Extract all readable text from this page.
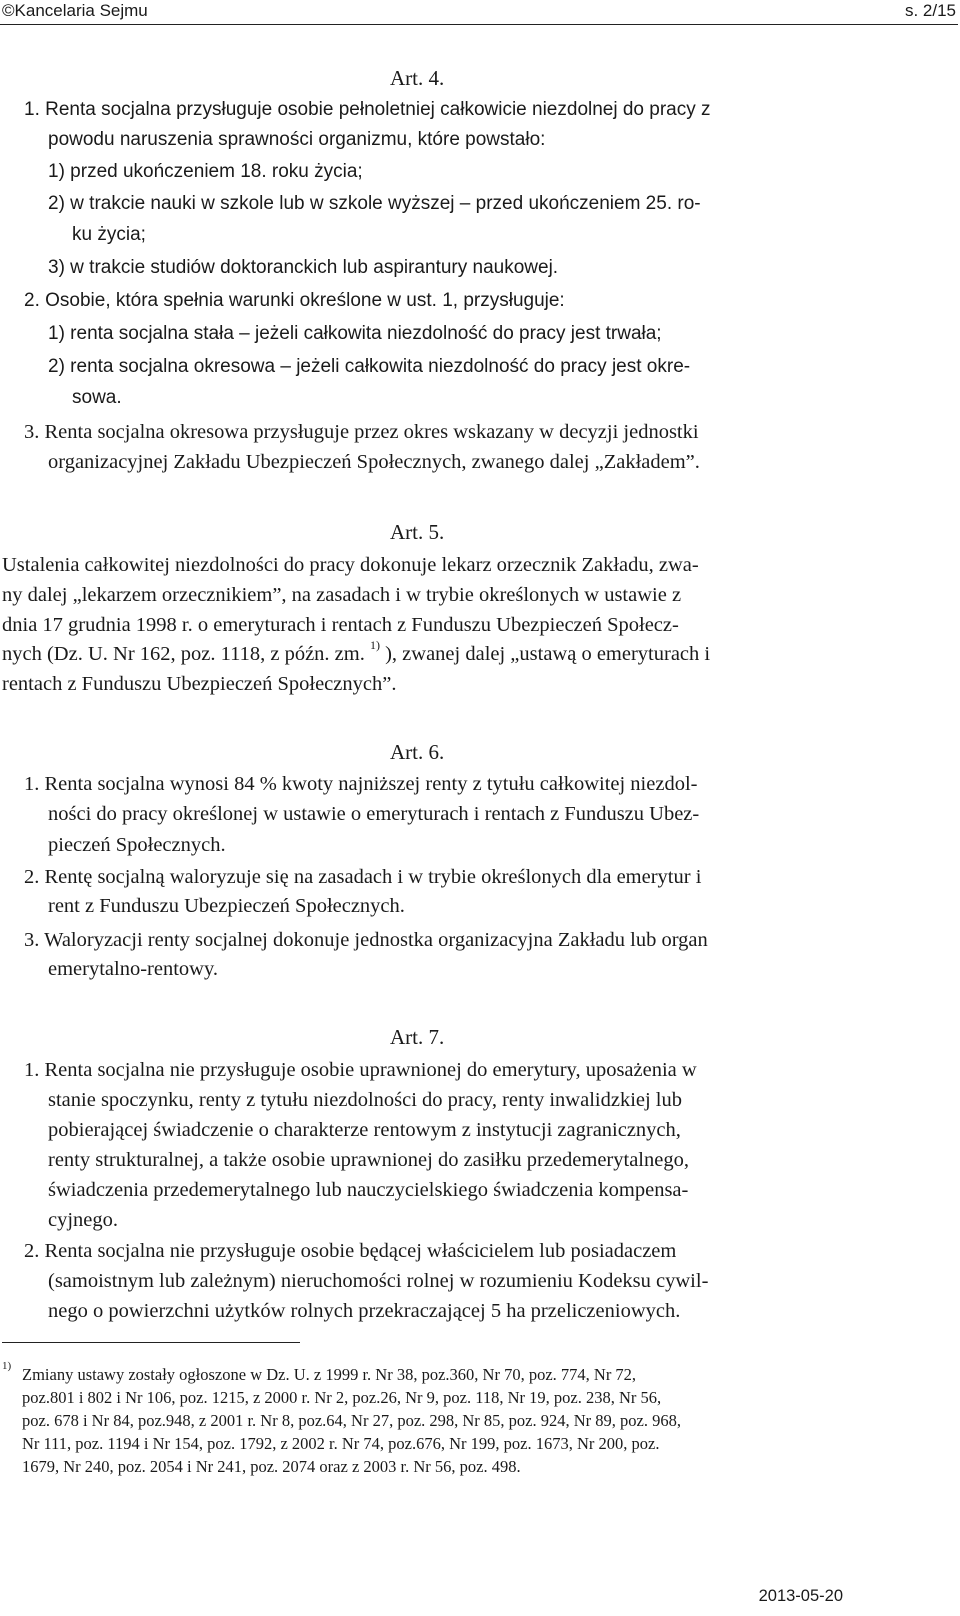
©Kancelaria Sejmu	s. 2/15
Art. 4.
1. Renta socjalna przysługuje osobie pełnoletniej całkowicie niezdolnej do pracy z
powodu naruszenia sprawności organizmu, które powstało:
1) przed ukończeniem 18. roku życia;
2) w trakcie nauki w szkole lub w szkole wyższej – przed ukończeniem 25. ro-
ku życia;
3) w trakcie studiów doktoranckich lub aspirantury naukowej.
2. Osobie, która spełnia warunki określone w ust. 1, przysługuje:
1) renta socjalna stała – jeżeli całkowita niezdolność do pracy jest trwała;
2) renta socjalna okresowa – jeżeli całkowita niezdolność do pracy jest okre-
sowa.
3. Renta socjalna okresowa przysługuje przez okres wskazany w decyzji jednostki
organizacyjnej Zakładu Ubezpieczeń Społecznych, zwanego dalej „Zakładem”.
Art. 5.
Ustalenia całkowitej niezdolności do pracy dokonuje lekarz orzecznik Zakładu, zwa-
ny dalej „lekarzem orzecznikiem”, na zasadach i w trybie określonych w ustawie z
dnia 17 grudnia 1998 r. o emeryturach i rentach z Funduszu Ubezpieczeń Społecz-
nych (Dz. U. Nr 162, poz. 1118, z późn. zm. $^{1)}$ ), zwanej dalej „ustawą o emeryturach i
rentach z Funduszu Ubezpieczeń Społecznych”.
Art. 6.
1. Renta socjalna wynosi 84 % kwoty najniższej renty z tytułu całkowitej niezdol-
ności do pracy określonej w ustawie o emeryturach i rentach z Funduszu Ubez-
pieczeń Społecznych.
2. Rentę socjalną waloryzuje się na zasadach i w trybie określonych dla emerytur i
rent z Funduszu Ubezpieczeń Społecznych.
3. Waloryzacji renty socjalnej dokonuje jednostka organizacyjna Zakładu lub organ
emerytalno-rentowy.
Art. 7.
1. Renta socjalna nie przysługuje osobie uprawnionej do emerytury, uposażenia w
stanie spoczynku, renty z tytułu niezdolności do pracy, renty inwalidzkiej lub
pobierającej świadczenie o charakterze rentowym z instytucji zagranicznych,
renty strukturalnej, a także osobie uprawnionej do zasiłku przedemerytalnego,
świadczenia przedemerytalnego lub nauczycielskiego świadczenia kompensa-
cyjnego.
2. Renta socjalna nie przysługuje osobie będącej właścicielem lub posiadaczem
(samoistnym lub zależnym) nieruchomości rolnej w rozumieniu Kodeksu cywil-
nego o powierzchni użytków rolnych przekraczającej 5 ha przeliczeniowych.
1) Zmiany ustawy zostały ogłoszone w Dz. U. z 1999 r. Nr 38, poz.360, Nr 70, poz. 774, Nr 72,
poz.801 i 802 i Nr 106, poz. 1215, z 2000 r. Nr 2, poz.26, Nr 9, poz. 118, Nr 19, poz. 238, Nr 56,
poz. 678 i Nr 84, poz.948, z 2001 r. Nr 8, poz.64, Nr 27, poz. 298, Nr 85, poz. 924, Nr 89, poz. 968,
Nr 111, poz. 1194 i Nr 154, poz. 1792, z 2002 r. Nr 74, poz.676, Nr 199, poz. 1673, Nr 200, poz.
1679, Nr 240, poz. 2054 i Nr 241, poz. 2074 oraz z 2003 r. Nr 56, poz. 498.
2013-05-20
